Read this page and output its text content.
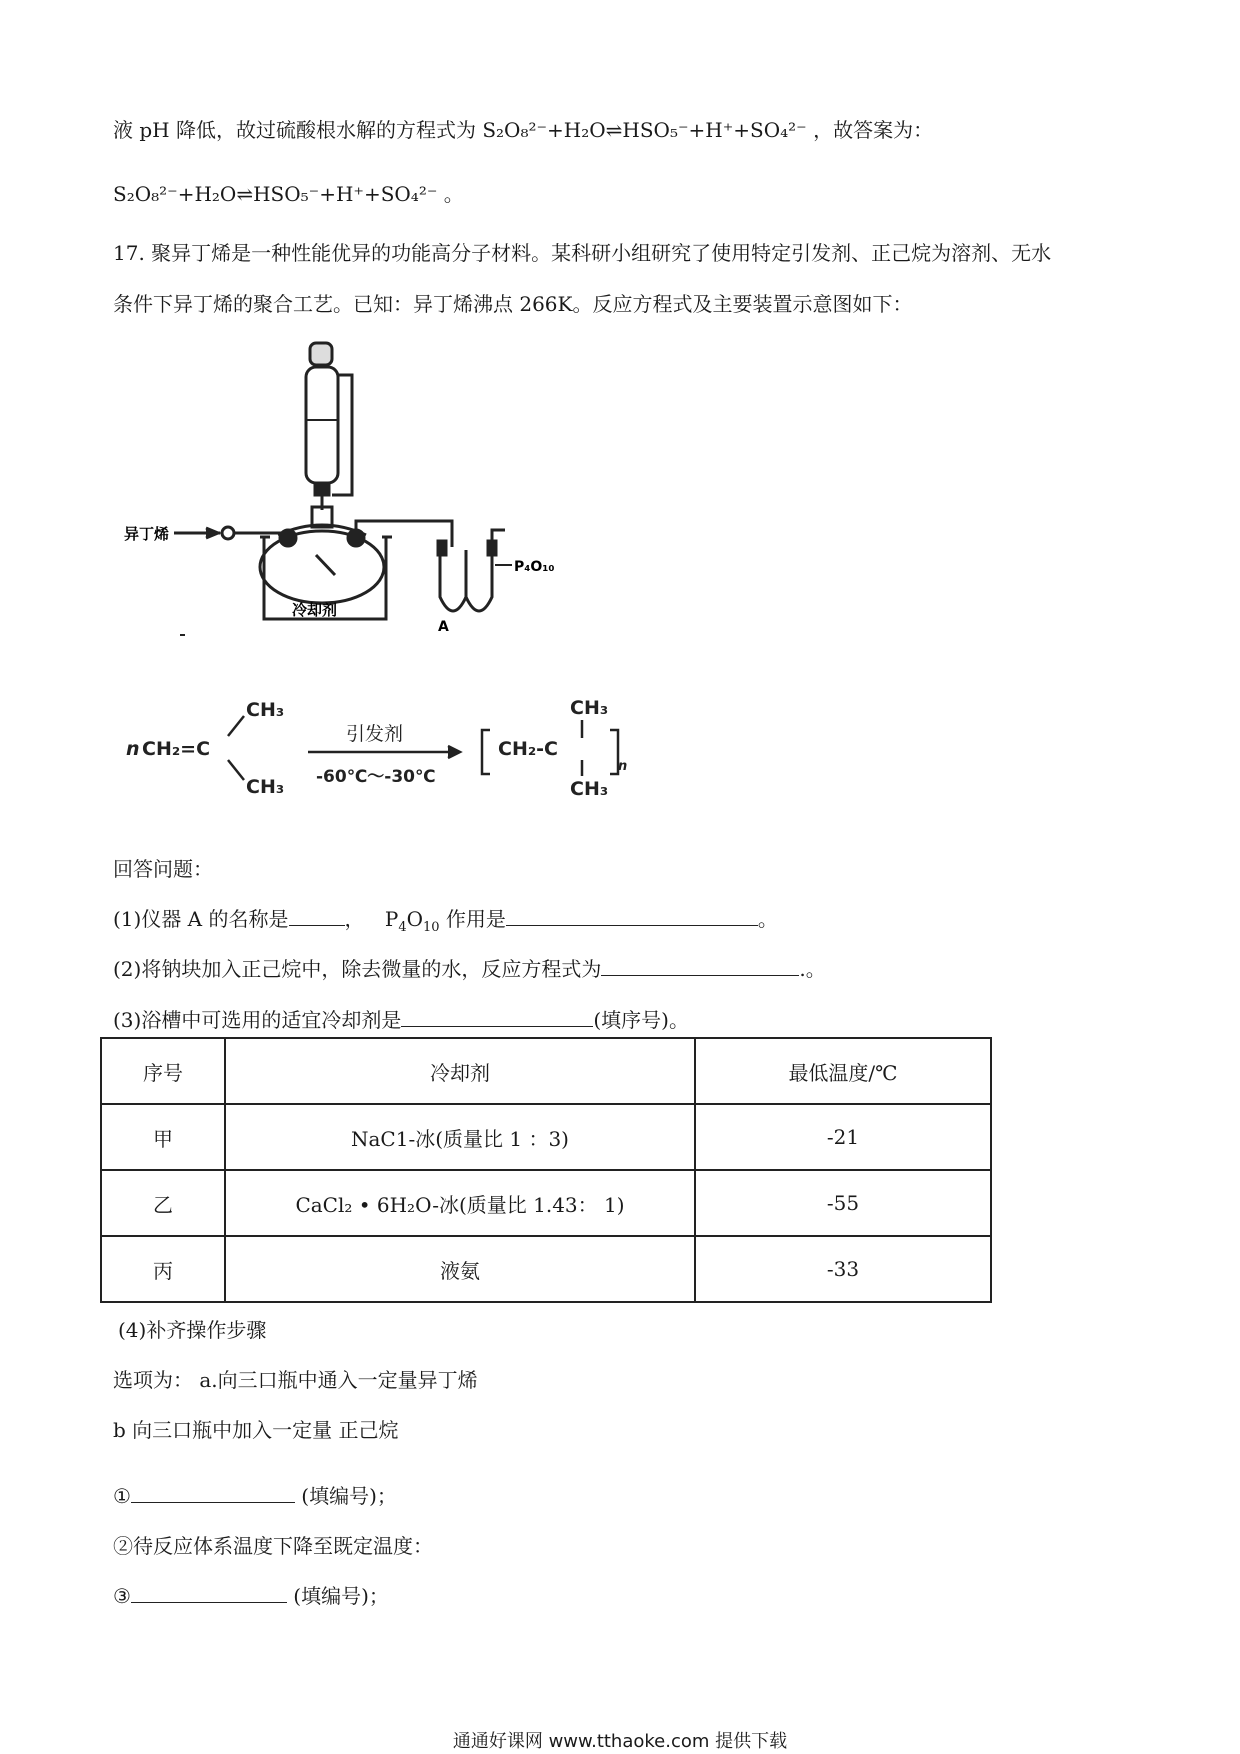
液 pH 降低，故过硫酸根水解的方程式为 S₂O₈²⁻+H₂O⇌HSO₅⁻+H⁺+SO₄²⁻ ，故答案为：
S₂O₈²⁻+H₂O⇌HSO₅⁻+H⁺+SO₄²⁻ 。
17. 聚异丁烯是一种性能优异的功能高分子材料。某科研小组研究了使用特定引发剂、正己烷为溶剂、无水
条件下异丁烯的聚合工艺。已知：异丁烯沸点 266K。反应方程式及主要装置示意图如下：
异丁烯
冷却剂
P₄O₁₀
A
n CH₂=C
CH₃
CH₃
引发剂
-60℃～-30℃
CH₃
CH₂-C
CH₃
n
回答问题：
(1)仪器 A 的名称是	， $P_4O_{10}$ 作用是	。
(2)将钠块加入正己烷中，除去微量的水，反应方程式为	.。
(3)浴槽中可选用的适宜冷却剂是	(填序号)。
序号	冷却剂	最低温度/℃
甲	NaC1-冰(质量比 1 ：3)	-21
乙	CaCl₂ • 6H₂O-冰(质量比 1.43： 1)	-55
丙	液氨	-33
(4)补齐操作步骤
选项为： a.向三口瓶中通入一定量异丁烯
b 向三口瓶中加入一定量 正己烷
①	(填编号)；
②待反应体系温度下降至既定温度：
③	(填编号)；
通通好课网 www.tthaoke.com 提供下载
